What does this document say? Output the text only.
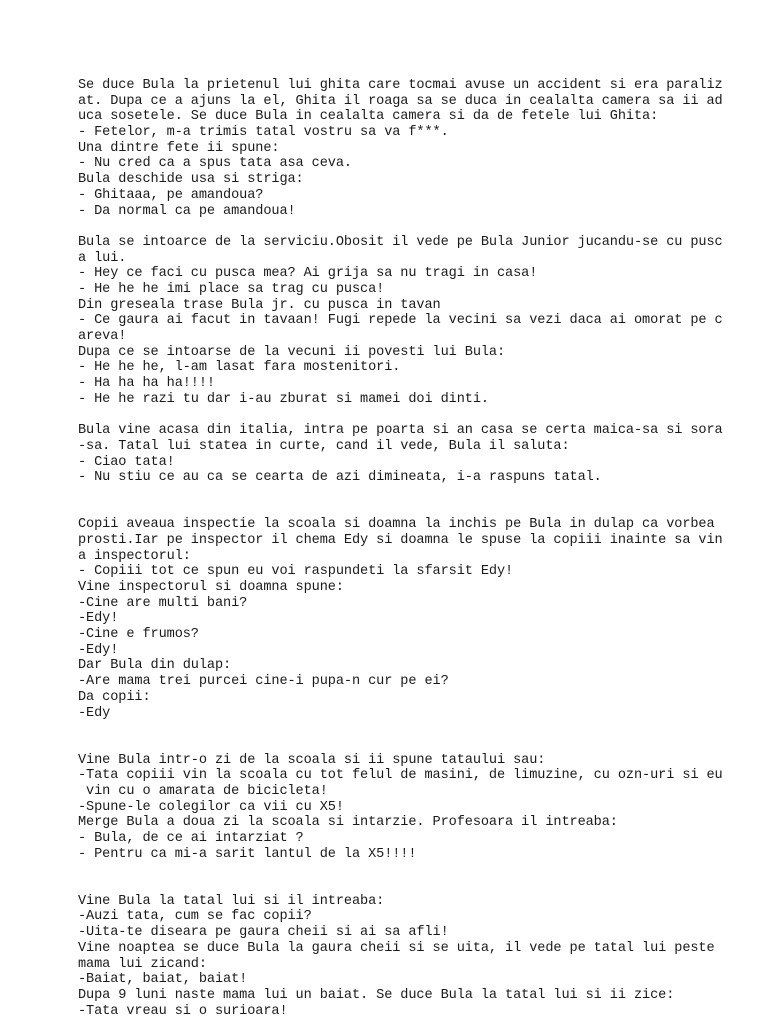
Se duce Bula la prietenul lui ghita care tocmai avuse un accident si era paraliz
at. Dupa ce a ajuns la el, Ghita il roaga sa se duca in cealalta camera sa ii ad
uca sosetele. Se duce Bula in cealalta camera si da de fetele lui Ghita:
- Fetelor, m-a trimis tatal vostru sa va f***.
Una dintre fete ii spune:
- Nu cred ca a spus tata asa ceva.
Bula deschide usa si striga:
- Ghitaaa, pe amandoua?
- Da normal ca pe amandoua!
Bula se intoarce de la serviciu.Obosit il vede pe Bula Junior jucandu-se cu pusc
a lui.
- Hey ce faci cu pusca mea? Ai grija sa nu tragi in casa!
- He he he imi place sa trag cu pusca!
Din greseala trase Bula jr. cu pusca in tavan
- Ce gaura ai facut in tavaan! Fugi repede la vecini sa vezi daca ai omorat pe c
areva!
Dupa ce se intoarse de la vecuni ii povesti lui Bula:
- He he he, l-am lasat fara mostenitori.
- Ha ha ha ha!!!!
- He he razi tu dar i-au zburat si mamei doi dinti.
Bula vine acasa din italia, intra pe poarta si an casa se certa maica-sa si sora
-sa. Tatal lui statea in curte, cand il vede, Bula il saluta:
- Ciao tata!
- Nu stiu ce au ca se cearta de azi dimineata, i-a raspuns tatal.
Copii aveaua inspectie la scoala si doamna la inchis pe Bula in dulap ca vorbea
prosti.Iar pe inspector il chema Edy si doamna le spuse la copiii inainte sa vin
a inspectorul:
- Copiii tot ce spun eu voi raspundeti la sfarsit Edy!
Vine inspectorul si doamna spune:
-Cine are multi bani?
-Edy!
-Cine e frumos?
-Edy!
Dar Bula din dulap:
-Are mama trei purcei cine-i pupa-n cur pe ei?
Da copii:
-Edy
Vine Bula intr-o zi de la scoala si ii spune tataului sau:
-Tata copiii vin la scoala cu tot felul de masini, de limuzine, cu ozn-uri si eu
vin cu o amarata de bicicleta!
-Spune-le colegilor ca vii cu X5!
Merge Bula a doua zi la scoala si intarzie. Profesoara il intreaba:
- Bula, de ce ai intarziat ?
- Pentru ca mi-a sarit lantul de la X5!!!!
Vine Bula la tatal lui si il intreaba:
-Auzi tata, cum se fac copii?
-Uita-te diseara pe gaura cheii si ai sa afli!
Vine noaptea se duce Bula la gaura cheii si se uita, il vede pe tatal lui peste
mama lui zicand:
-Baiat, baiat, baiat!
Dupa 9 luni naste mama lui un baiat. Se duce Bula la tatal lui si ii zice:
-Tata vreau si o surioara!
